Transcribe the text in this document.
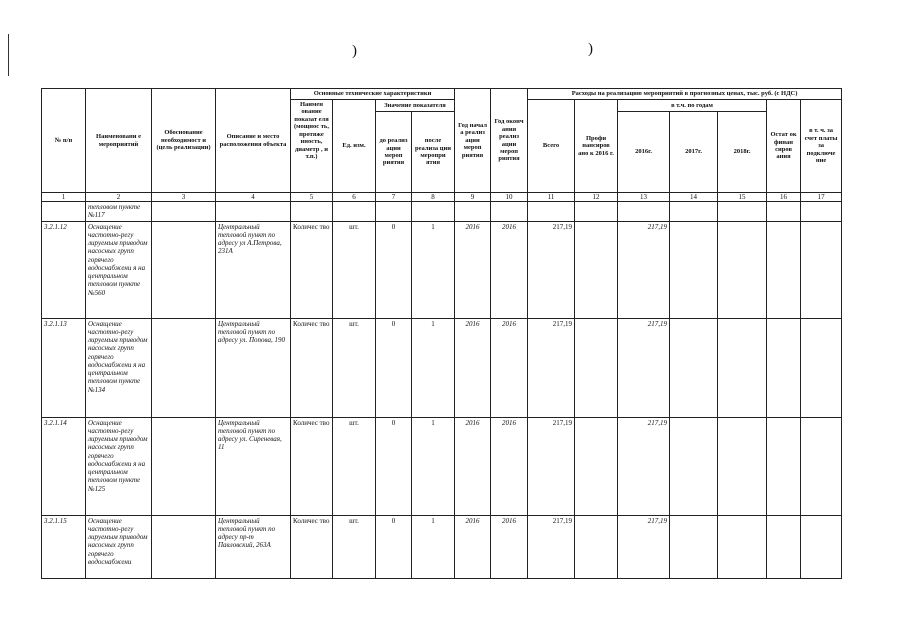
)	)
№ п/п	Наименовани е мероприятий	Обоснование необходимост и (цель реализации)	Описание и место расположения объекта	Основные технические характеристики				Год начал а реализ ации мероп риятия	Год оконч ания реализ ации мероп риятия	Расходы на реализацию мероприятий в прогнозных ценах, тыс. руб. (с НДС)						
				Наимен ование показат еля (мощнос ть, протяже нность, диаметр , и т.п.)	Ед. изм.	Значение показателя				Всего	Профи нансиров ано к 2016 г.	в т.ч. по годам			Остат ок финан сиров ания	в т. ч. за счет платы за подключе ние
						до реализ ации мероп риятия	после реализа ции меропри ятия					2016г.	2017г.	2018г.		
1	2	3	4	5	6	7	8	9	10	11	12	13	14	15	16	17
	тепловом пункте №117															
3.2.1.12	Оснащение частотно-регу лируемым приводом насосных групп горячего водоснабжени я на центральном тепловом пункте №560		Центральный тепловой пункт по адресу ул А.Петрова, 231А	Количес тво	шт.	0	1	2016	2016	217,19		217,19				
3.2.1.13	Оснащение частотно-регу лируемым приводом насосных групп горячего водоснабжени я на центральном тепловом пункте №134		Центральный тепловой пункт по адресу ул. Попова, 190	Количес тво	шт.	0	1	2016	2016	217,19		217,19				
3.2.1.14	Оснащение частотно-регу лируемым приводом насосных групп горячего водоснабжени я на центральном тепловом пункте №125		Центральный тепловой пункт по адресу ул. Сиреневая, 11	Количес тво	шт.	0	1	2016	2016	217,19		217,19				
3.2.1.15	Оснащение частотно-регу лируемым приводом насосных групп горячего водоснабжени		Центральный тепловой пункт по адресу пр-т Павловский, 263А	Количес тво	шт.	0	1	2016	2016	217,19		217,19				
